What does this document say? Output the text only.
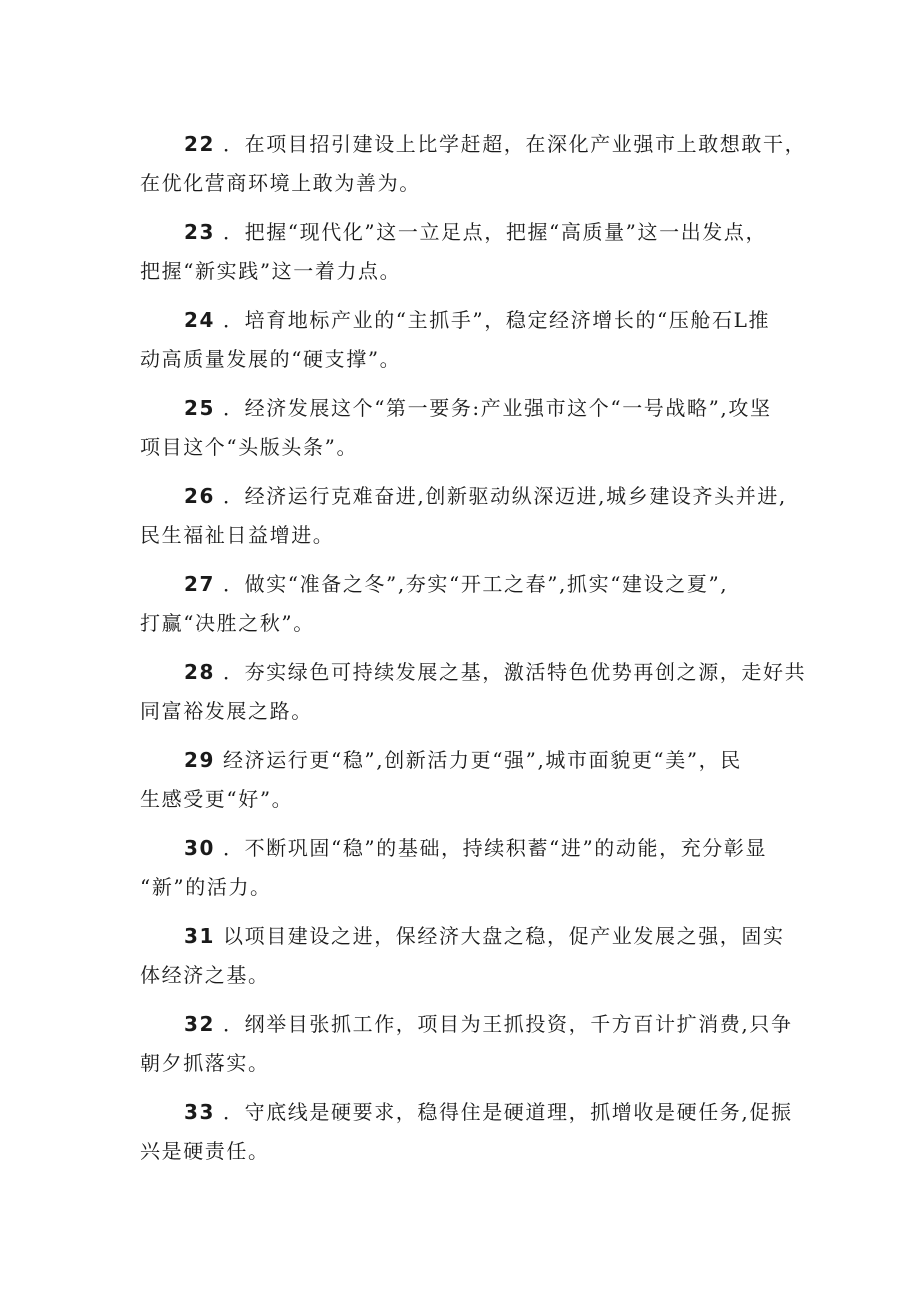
22 ．在项目招引建设上比学赶超，在深化产业强市上敢想敢干，
在优化营商环境上敢为善为。
23 ．把握“现代化”这一立足点，把握“高质量”这一出发点，
把握“新实践”这一着力点。
24 ．培育地标产业的“主抓手”，稳定经济增长的“压舱石L推
动高质量发展的“硬支撑”。
25 ．经济发展这个“第一要务:产业强市这个“一号战略”,攻坚
项目这个“头版头条”。
26 ．经济运行克难奋进,创新驱动纵深迈进,城乡建设齐头并进,
民生福祉日益增进。
27 ．做实“准备之冬”,夯实“开工之春”,抓实“建设之夏”,
打赢“决胜之秋”。
28 ．夯实绿色可持续发展之基，激活特色优势再创之源，走好共
同富裕发展之路。
29 经济运行更“稳”,创新活力更“强”,城市面貌更“美”，民
生感受更“好”。
30 ．不断巩固“稳”的基础，持续积蓄“进”的动能，充分彰显
“新”的活力。
31 以项目建设之进，保经济大盘之稳，促产业发展之强，固实
体经济之基。
32 ．纲举目张抓工作，项目为王抓投资，千方百计扩消费,只争
朝夕抓落实。
33 ．守底线是硬要求，稳得住是硬道理，抓增收是硬任务,促振
兴是硬责任。
